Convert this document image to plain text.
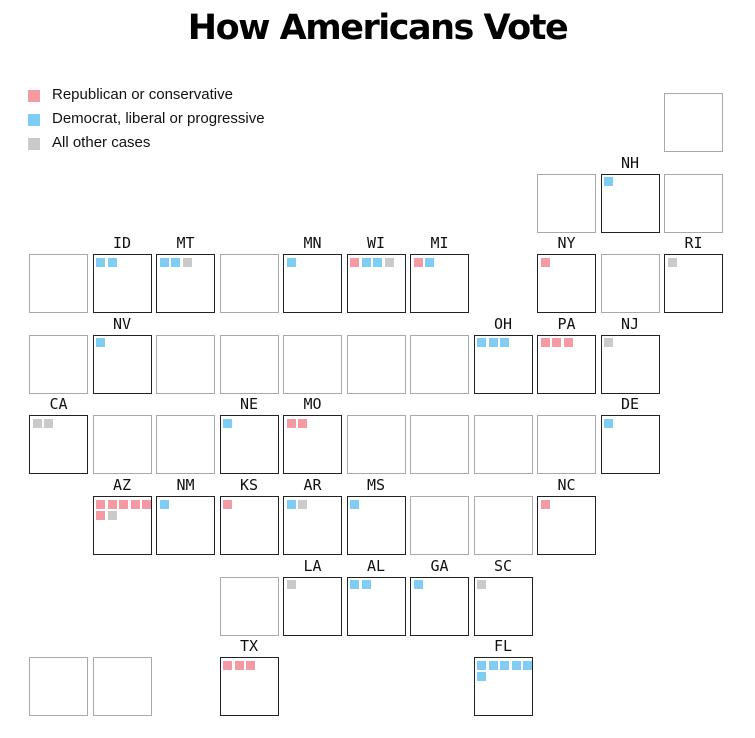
How Americans Vote
Republican or conservative
Democrat, liberal or progressive
All other cases
NH
ID	MT	MN	WI	MI	NY	RI
NV	OH	PA	NJ
CA	NE	MO	DE
AZ	NM	KS	AR	MS	NC
LA	AL	GA	SC
TX	FL
